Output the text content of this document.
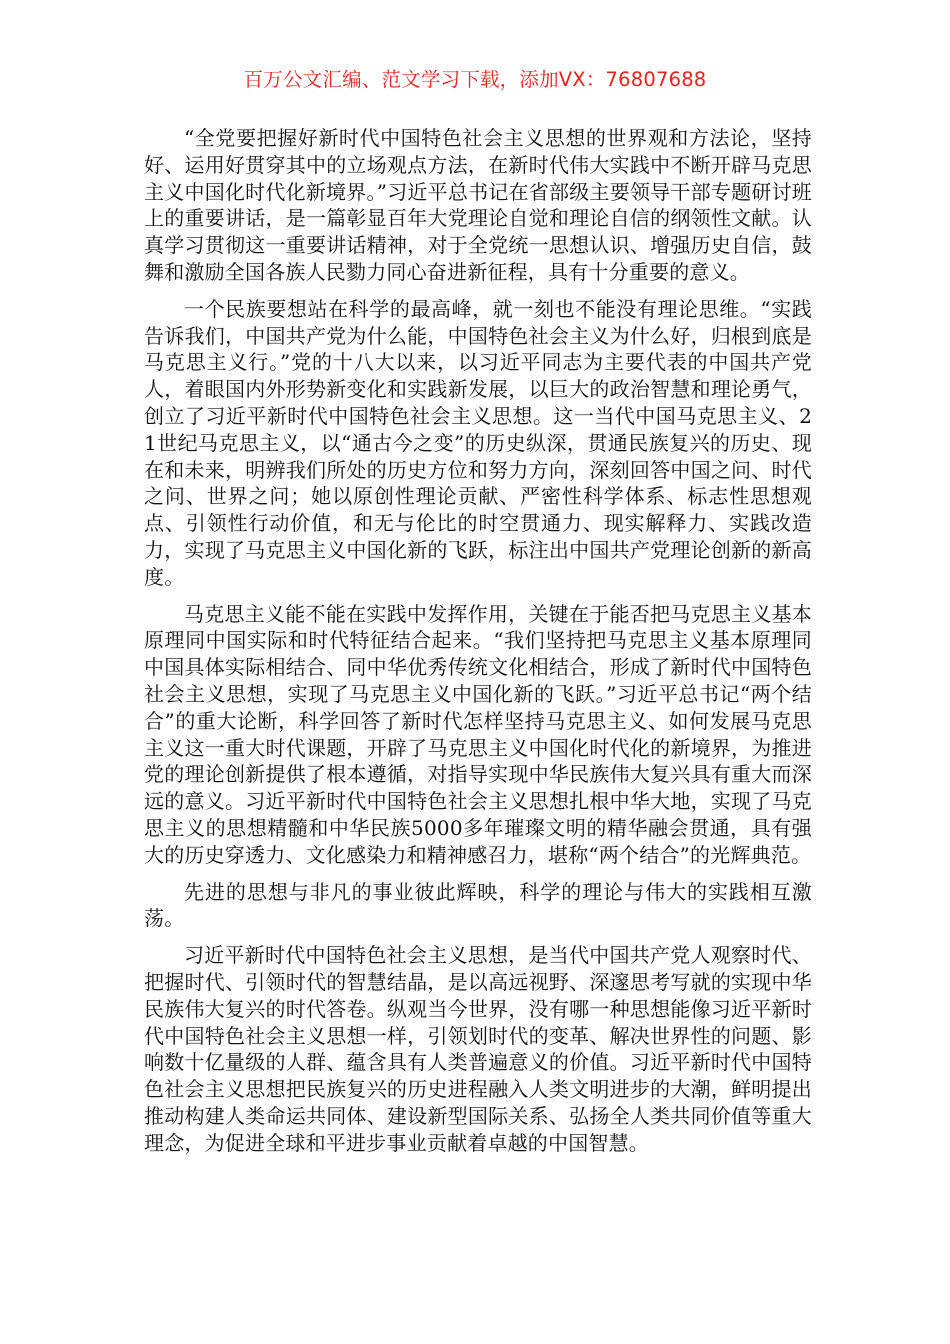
百万公文汇编、范文学习下载，添加VX：76807688

“全党要把握好新时代中国特色社会主义思想的世界观和方法论，坚持好、运用好贯穿其中的立场观点方法，在新时代伟大实践中不断开辟马克思主义中国化时代化新境界。”习近平总书记在省部级主要领导干部专题研讨班上的重要讲话，是一篇彰显百年大党理论自觉和理论自信的纲领性文献。认真学习贯彻这一重要讲话精神，对于全党统一思想认识、增强历史自信，鼓舞和激励全国各族人民勠力同心奋进新征程，具有十分重要的意义。

一个民族要想站在科学的最高峰，就一刻也不能没有理论思维。“实践告诉我们，中国共产党为什么能，中国特色社会主义为什么好，归根到底是马克思主义行。”党的十八大以来，以习近平同志为主要代表的中国共产党人，着眼国内外形势新变化和实践新发展，以巨大的政治智慧和理论勇气，创立了习近平新时代中国特色社会主义思想。这一当代中国马克思主义、21世纪马克思主义，以“通古今之变”的历史纵深，贯通民族复兴的历史、现在和未来，明辨我们所处的历史方位和努力方向，深刻回答中国之问、时代之问、世界之问；她以原创性理论贡献、严密性科学体系、标志性思想观点、引领性行动价值，和无与伦比的时空贯通力、现实解释力、实践改造力，实现了马克思主义中国化新的飞跃，标注出中国共产党理论创新的新高度。

马克思主义能不能在实践中发挥作用，关键在于能否把马克思主义基本原理同中国实际和时代特征结合起来。“我们坚持把马克思主义基本原理同中国具体实际相结合、同中华优秀传统文化相结合，形成了新时代中国特色社会主义思想，实现了马克思主义中国化新的飞跃。”习近平总书记“两个结合”的重大论断，科学回答了新时代怎样坚持马克思主义、如何发展马克思主义这一重大时代课题，开辟了马克思主义中国化时代化的新境界，为推进党的理论创新提供了根本遵循，对指导实现中华民族伟大复兴具有重大而深远的意义。习近平新时代中国特色社会主义思想扎根中华大地，实现了马克思主义的思想精髓和中华民族5000多年璀璨文明的精华融会贯通，具有强大的历史穿透力、文化感染力和精神感召力，堪称“两个结合”的光辉典范。

先进的思想与非凡的事业彼此辉映，科学的理论与伟大的实践相互激荡。

习近平新时代中国特色社会主义思想，是当代中国共产党人观察时代、把握时代、引领时代的智慧结晶，是以高远视野、深邃思考写就的实现中华民族伟大复兴的时代答卷。纵观当今世界，没有哪一种思想能像习近平新时代中国特色社会主义思想一样，引领划时代的变革、解决世界性的问题、影响数十亿量级的人群、蕴含具有人类普遍意义的价值。习近平新时代中国特色社会主义思想把民族复兴的历史进程融入人类文明进步的大潮，鲜明提出推动构建人类命运共同体、建设新型国际关系、弘扬全人类共同价值等重大理念，为促进全球和平进步事业贡献着卓越的中国智慧。
